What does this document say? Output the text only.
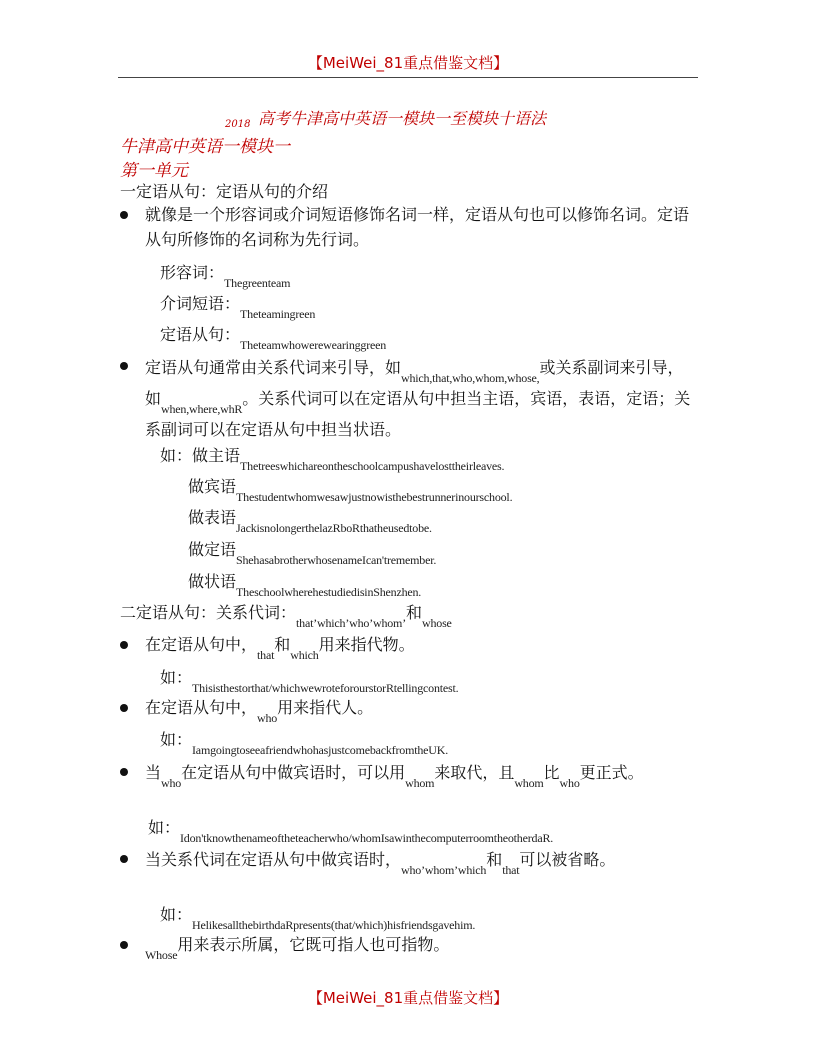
【MeiWei_81重点借鉴文档】
高考牛津高中英语一模块一至模块十语法
2018
牛津高中英语一模块一
第一单元
一定语从句：定语从句的介绍
就像是一个形容词或介词短语修饰名词一样，定语从句也可以修饰名词。定语从句所修饰的名词称为先行词。
形容词：$_{Thegreenteam}$
介词短语：$_{Theteamingreen}$
定语从句：$_{Theteamwhowerewearinggreen}$
定语从句通常由关系代词来引导，如$_{which,that,who,whom,whose,}$或关系副词来引导，如$_{when,where,whR}$。关系代词可以在定语从句中担当主语，宾语，表语，定语；关系副词可以在定语从句中担当状语。
如：做主语$_{Thetreeswhichareontheschoolcampushavelosttheirleaves.}$
做宾语$_{Thestudentwhomwesawjustnowisthebestrunnerinourschool.}$
做表语$_{JackisnolongerthelazRboRthatheusedtobe.}$
做定语$_{ShehasabrotherwhosenameIcan'tremember.}$
做状语$_{TheschoolwherehestudiedisinShenzhen.}$
二定语从句：关系代词：$_{that’which’who’whom’}$和$_{whose}$
在定语从句中，$_{that}$和$_{which}$用来指代物。
如：$_{Thisisthestorthat/whichwewroteforourstorRtellingcontest.}$
在定语从句中，$_{who}$用来指代人。
如：$_{IamgoingtoseeafriendwhohasjustcomebackfromtheUK.}$
当$_{who}$在定语从句中做宾语时，可以用$_{whom}$来取代，且$_{whom}$比$_{who}$更正式。
如：$_{Idon'tknowthenameoftheteacherwho/whomIsawinthecomputerroomtheotherdaR.}$
当关系代词在定语从句中做宾语时，$_{who’whom’which}$和$_{that}$可以被省略。
如：$_{HelikesallthebirthdaRpresents(that/which)hisfriendsgavehim.}$
$_{Whose}$用来表示所属，它既可指人也可指物。
【MeiWei_81重点借鉴文档】
